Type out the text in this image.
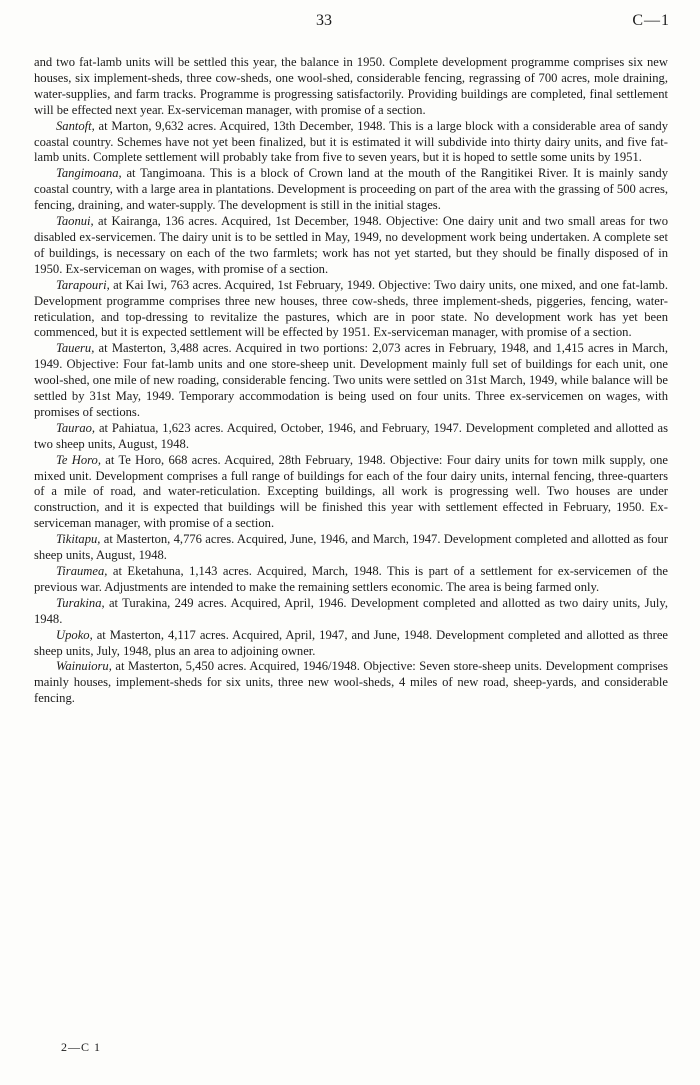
33	C—1

and two fat-lamb units will be settled this year, the balance in 1950. Complete development programme comprises six new houses, six implement-sheds, three cow-sheds, one wool-shed, considerable fencing, regrassing of 700 acres, mole draining, water-supplies, and farm tracks. Programme is progressing satisfactorily. Providing buildings are completed, final settlement will be effected next year. Ex-serviceman manager, with promise of a section.

Santoft, at Marton, 9,632 acres. Acquired, 13th December, 1948. This is a large block with a considerable area of sandy coastal country. Schemes have not yet been finalized, but it is estimated it will subdivide into thirty dairy units, and five fat-lamb units. Complete settlement will probably take from five to seven years, but it is hoped to settle some units by 1951.

Tangimoana, at Tangimoana. This is a block of Crown land at the mouth of the Rangitikei River. It is mainly sandy coastal country, with a large area in plantations. Development is proceeding on part of the area with the grassing of 500 acres, fencing, draining, and water-supply. The development is still in the initial stages.

Taonui, at Kairanga, 136 acres. Acquired, 1st December, 1948. Objective: One dairy unit and two small areas for two disabled ex-servicemen. The dairy unit is to be settled in May, 1949, no development work being undertaken. A complete set of buildings, is necessary on each of the two farmlets; work has not yet started, but they should be finally disposed of in 1950. Ex-serviceman on wages, with promise of a section.

Tarapouri, at Kai Iwi, 763 acres. Acquired, 1st February, 1949. Objective: Two dairy units, one mixed, and one fat-lamb. Development programme comprises three new houses, three cow-sheds, three implement-sheds, piggeries, fencing, water-reticulation, and top-dressing to revitalize the pastures, which are in poor state. No development work has yet been commenced, but it is expected settlement will be effected by 1951. Ex-serviceman manager, with promise of a section.

Taueru, at Masterton, 3,488 acres. Acquired in two portions: 2,073 acres in February, 1948, and 1,415 acres in March, 1949. Objective: Four fat-lamb units and one store-sheep unit. Development mainly full set of buildings for each unit, one wool-shed, one mile of new roading, considerable fencing. Two units were settled on 31st March, 1949, while balance will be settled by 31st May, 1949. Temporary accommodation is being used on four units. Three ex-servicemen on wages, with promises of sections.

Taurao, at Pahiatua, 1,623 acres. Acquired, October, 1946, and February, 1947. Development completed and allotted as two sheep units, August, 1948.

Te Horo, at Te Horo, 668 acres. Acquired, 28th February, 1948. Objective: Four dairy units for town milk supply, one mixed unit. Development comprises a full range of buildings for each of the four dairy units, internal fencing, three-quarters of a mile of road, and water-reticulation. Excepting buildings, all work is progressing well. Two houses are under construction, and it is expected that buildings will be finished this year with settlement effected in February, 1950. Ex-serviceman manager, with promise of a section.

Tikitapu, at Masterton, 4,776 acres. Acquired, June, 1946, and March, 1947. Development completed and allotted as four sheep units, August, 1948.

Tiraumea, at Eketahuna, 1,143 acres. Acquired, March, 1948. This is part of a settlement for ex-servicemen of the previous war. Adjustments are intended to make the remaining settlers economic. The area is being farmed only.

Turakina, at Turakina, 249 acres. Acquired, April, 1946. Development completed and allotted as two dairy units, July, 1948.

Upoko, at Masterton, 4,117 acres. Acquired, April, 1947, and June, 1948. Development completed and allotted as three sheep units, July, 1948, plus an area to adjoining owner.

Wainuioru, at Masterton, 5,450 acres. Acquired, 1946/1948. Objective: Seven store-sheep units. Development comprises mainly houses, implement-sheds for six units, three new wool-sheds, 4 miles of new road, sheep-yards, and considerable fencing.

2—C 1
